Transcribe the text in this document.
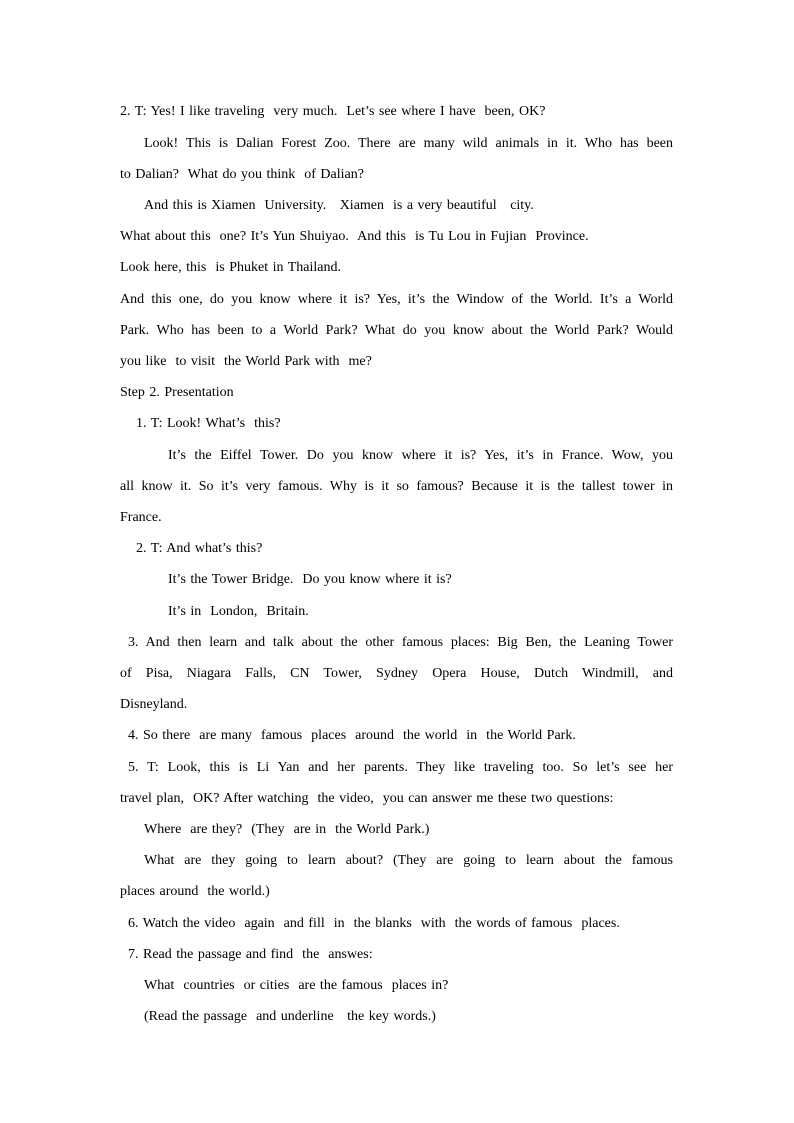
2. T: Yes! I like traveling  very much.  Let’s see where I have  been, OK?
Look! This is Dalian Forest Zoo. There are many wild animals in it. Who has been
to Dalian?  What do you think  of Dalian?
And this is Xiamen  University.   Xiamen  is a very beautiful   city.
What about this  one? It’s Yun Shuiyao.  And this  is Tu Lou in Fujian  Province.
Look here, this  is Phuket in Thailand.
And this one, do you know where it is? Yes, it’s the Window of the World. It’s a World
Park. Who has been to a World Park? What do you know about the World Park? Would
you like  to visit  the World Park with  me?
Step 2. Presentation
1. T: Look! What’s  this?
It’s the Eiffel Tower. Do you know where it is? Yes, it’s in France. Wow, you
all know it. So it’s very famous. Why is it so famous? Because it is the tallest tower in
France.
2. T: And what’s this?
It’s the Tower Bridge.  Do you know where it is?
It’s in  London,  Britain.
3. And then learn and talk about the other famous places: Big Ben, the Leaning Tower
of Pisa, Niagara Falls, CN Tower, Sydney Opera House, Dutch Windmill, and
Disneyland.
4. So there  are many  famous  places  around  the world  in  the World Park.
5. T: Look, this is Li Yan and her parents. They like traveling too. So let’s see her
travel plan,  OK? After watching  the video,  you can answer me these two questions:
Where  are they?  (They  are in  the World Park.)
What are they going to learn about? (They are going to learn about the famous
places around  the world.)
6. Watch the video  again  and fill  in  the blanks  with  the words of famous  places.
7. Read the passage and find  the  answes:
What  countries  or cities  are the famous  places in?
(Read the passage  and underline   the key words.)
